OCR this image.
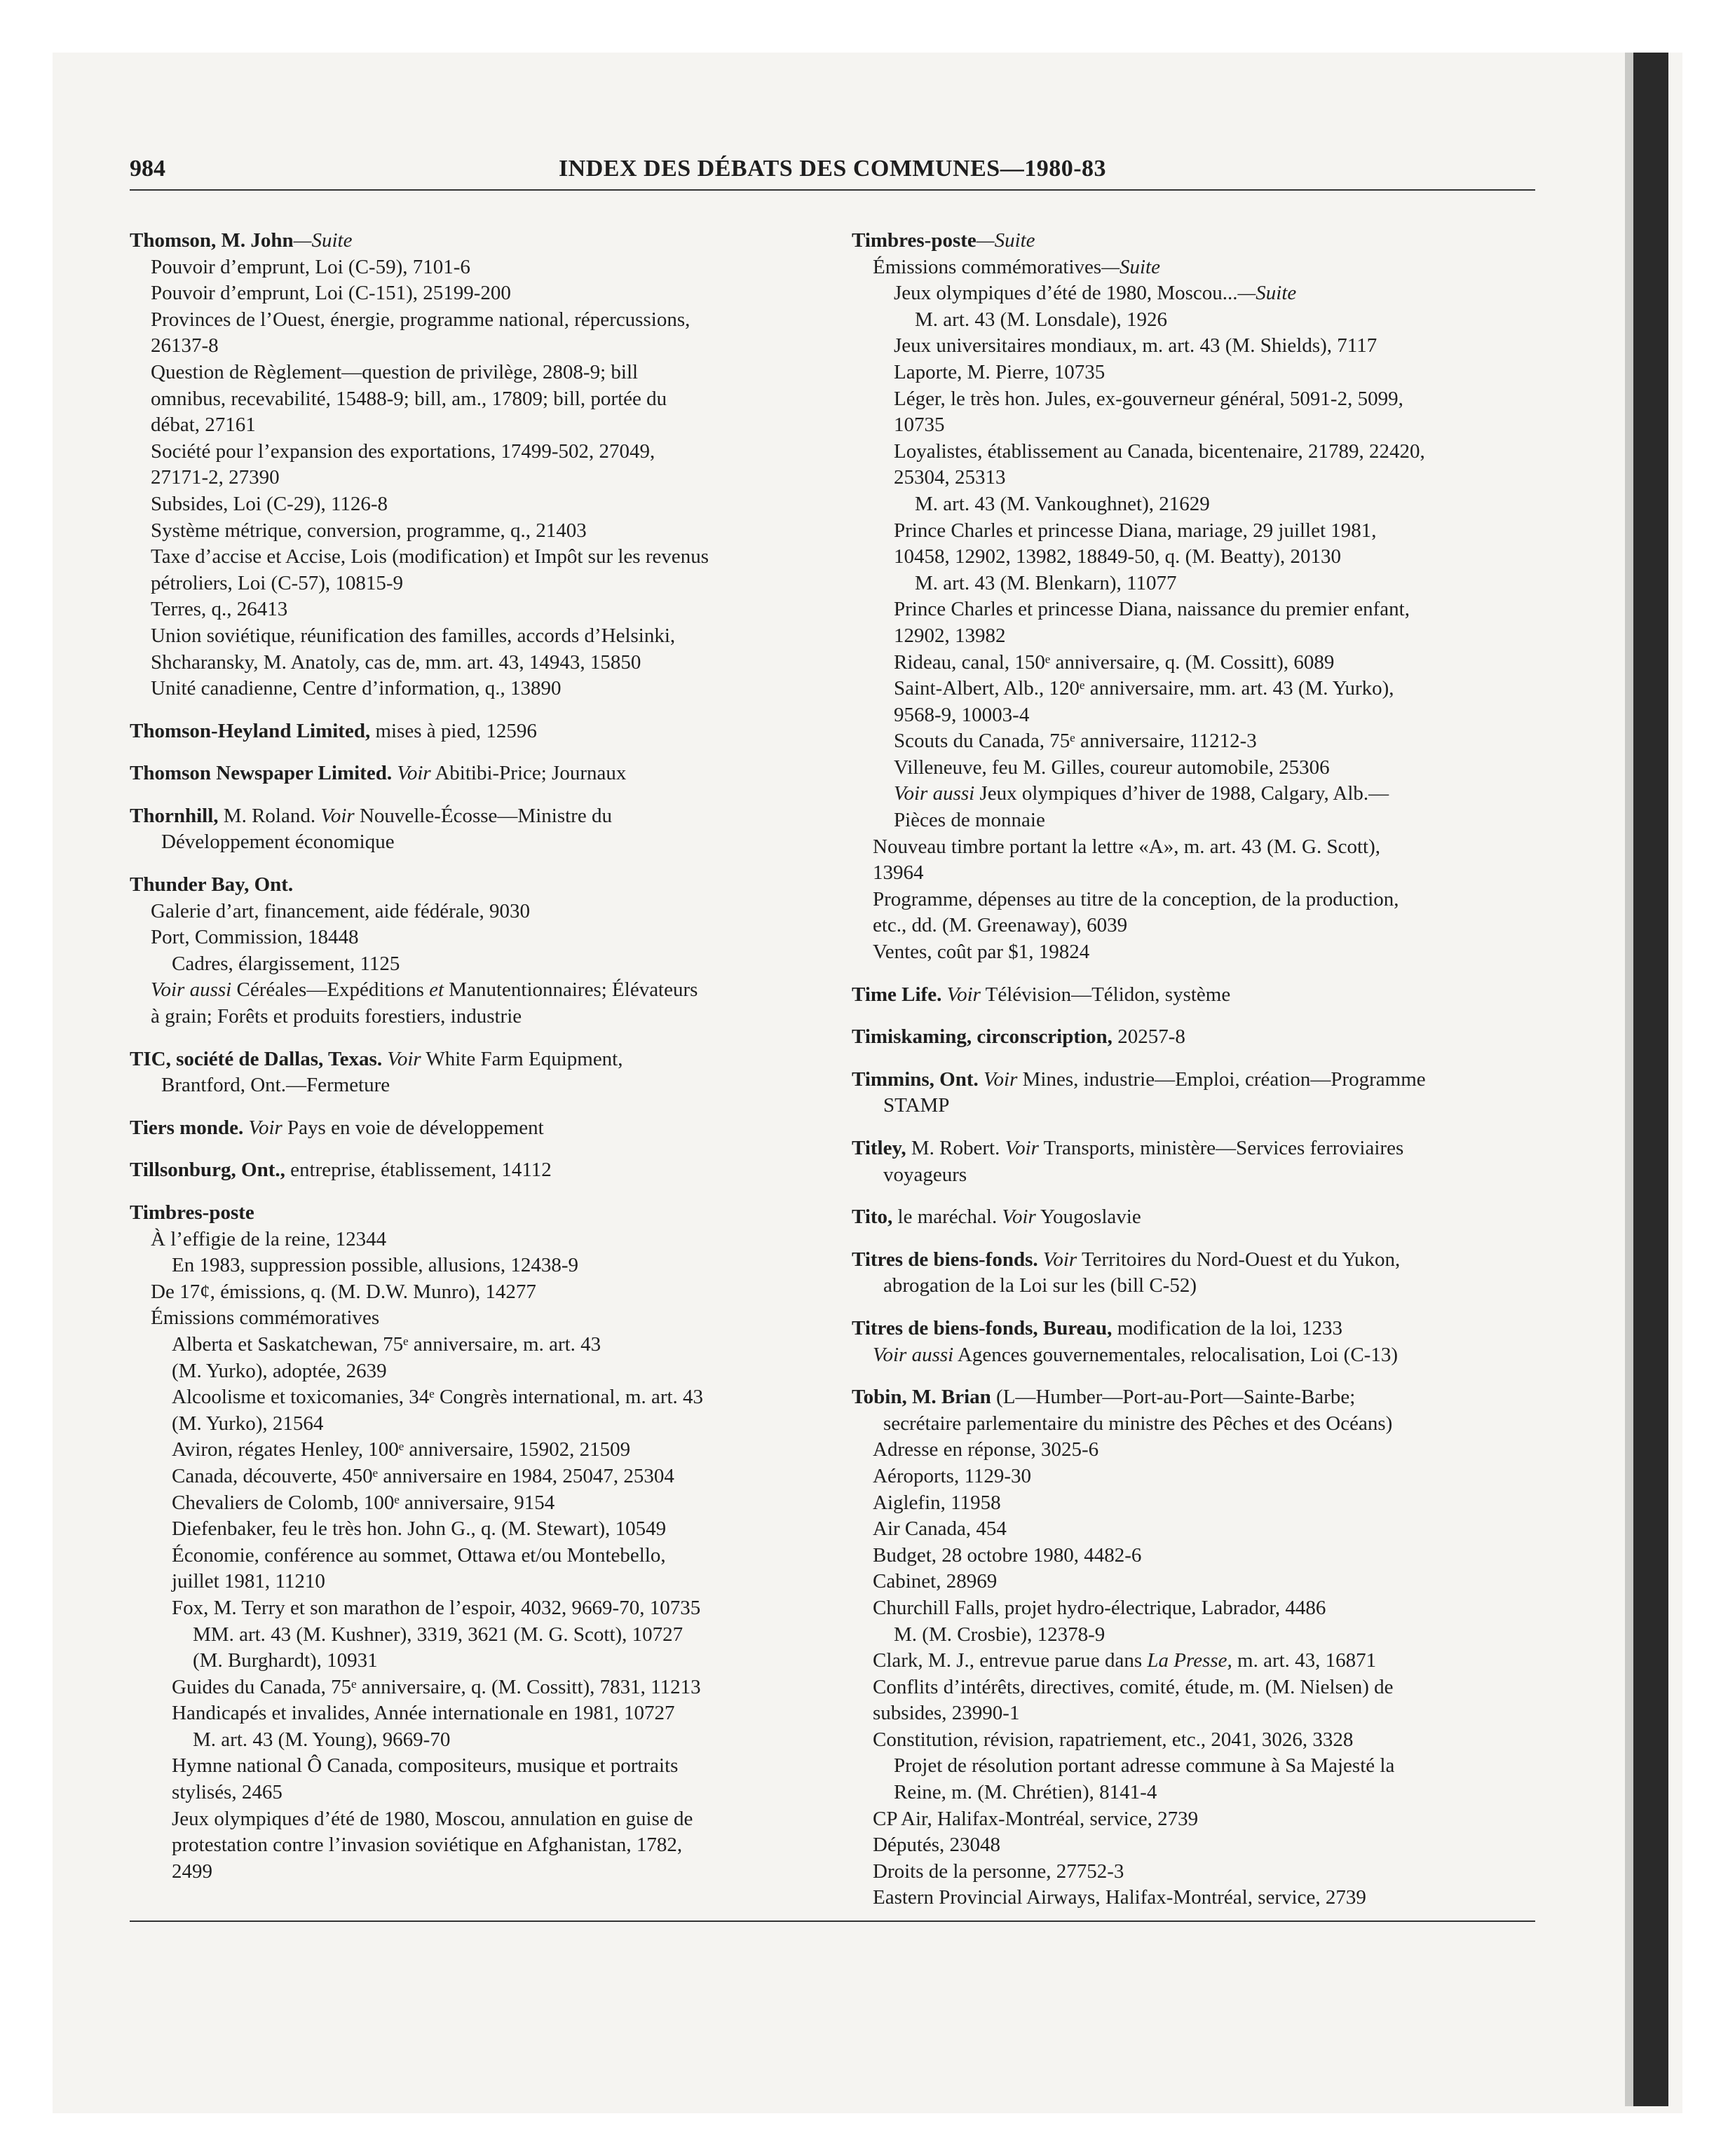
984	INDEX DES DÉBATS DES COMMUNES—1980-83
Thomson, M. John—Suite
Pouvoir d’emprunt, Loi (C-59), 7101-6
Pouvoir d’emprunt, Loi (C-151), 25199-200
Provinces de l’Ouest, énergie, programme national, répercussions,
26137-8
Question de Règlement—question de privilège, 2808-9; bill
omnibus, recevabilité, 15488-9; bill, am., 17809; bill, portée du
débat, 27161
Société pour l’expansion des exportations, 17499-502, 27049,
27171-2, 27390
Subsides, Loi (C-29), 1126-8
Système métrique, conversion, programme, q., 21403
Taxe d’accise et Accise, Lois (modification) et Impôt sur les revenus
pétroliers, Loi (C-57), 10815-9
Terres, q., 26413
Union soviétique, réunification des familles, accords d’Helsinki,
Shcharansky, M. Anatoly, cas de, mm. art. 43, 14943, 15850
Unité canadienne, Centre d’information, q., 13890
Thomson-Heyland Limited, mises à pied, 12596
Thomson Newspaper Limited. Voir Abitibi-Price; Journaux
Thornhill, M. Roland. Voir Nouvelle-Écosse—Ministre du
Développement économique
Thunder Bay, Ont.
Galerie d’art, financement, aide fédérale, 9030
Port, Commission, 18448
Cadres, élargissement, 1125
Voir aussi Céréales—Expéditions et Manutentionnaires; Élévateurs
à grain; Forêts et produits forestiers, industrie
TIC, société de Dallas, Texas. Voir White Farm Equipment,
Brantford, Ont.—Fermeture
Tiers monde. Voir Pays en voie de développement
Tillsonburg, Ont., entreprise, établissement, 14112
Timbres-poste
À l’effigie de la reine, 12344
En 1983, suppression possible, allusions, 12438-9
De 17¢, émissions, q. (M. D.W. Munro), 14277
Émissions commémoratives
Alberta et Saskatchewan, 75ᵉ anniversaire, m. art. 43
(M. Yurko), adoptée, 2639
Alcoolisme et toxicomanies, 34ᵉ Congrès international, m. art. 43
(M. Yurko), 21564
Aviron, régates Henley, 100ᵉ anniversaire, 15902, 21509
Canada, découverte, 450ᵉ anniversaire en 1984, 25047, 25304
Chevaliers de Colomb, 100ᵉ anniversaire, 9154
Diefenbaker, feu le très hon. John G., q. (M. Stewart), 10549
Économie, conférence au sommet, Ottawa et/ou Montebello,
juillet 1981, 11210
Fox, M. Terry et son marathon de l’espoir, 4032, 9669-70, 10735
MM. art. 43 (M. Kushner), 3319, 3621 (M. G. Scott), 10727
(M. Burghardt), 10931
Guides du Canada, 75ᵉ anniversaire, q. (M. Cossitt), 7831, 11213
Handicapés et invalides, Année internationale en 1981, 10727
M. art. 43 (M. Young), 9669-70
Hymne national Ô Canada, compositeurs, musique et portraits
stylisés, 2465
Jeux olympiques d’été de 1980, Moscou, annulation en guise de
protestation contre l’invasion soviétique en Afghanistan, 1782,
2499
Timbres-poste—Suite
Émissions commémoratives—Suite
Jeux olympiques d’été de 1980, Moscou...—Suite
M. art. 43 (M. Lonsdale), 1926
Jeux universitaires mondiaux, m. art. 43 (M. Shields), 7117
Laporte, M. Pierre, 10735
Léger, le très hon. Jules, ex-gouverneur général, 5091-2, 5099,
10735
Loyalistes, établissement au Canada, bicentenaire, 21789, 22420,
25304, 25313
M. art. 43 (M. Vankoughnet), 21629
Prince Charles et princesse Diana, mariage, 29 juillet 1981,
10458, 12902, 13982, 18849-50, q. (M. Beatty), 20130
M. art. 43 (M. Blenkarn), 11077
Prince Charles et princesse Diana, naissance du premier enfant,
12902, 13982
Rideau, canal, 150ᵉ anniversaire, q. (M. Cossitt), 6089
Saint-Albert, Alb., 120ᵉ anniversaire, mm. art. 43 (M. Yurko),
9568-9, 10003-4
Scouts du Canada, 75ᵉ anniversaire, 11212-3
Villeneuve, feu M. Gilles, coureur automobile, 25306
Voir aussi Jeux olympiques d’hiver de 1988, Calgary, Alb.—
Pièces de monnaie
Nouveau timbre portant la lettre «A», m. art. 43 (M. G. Scott),
13964
Programme, dépenses au titre de la conception, de la production,
etc., dd. (M. Greenaway), 6039
Ventes, coût par $1, 19824
Time Life. Voir Télévision—Télidon, système
Timiskaming, circonscription, 20257-8
Timmins, Ont. Voir Mines, industrie—Emploi, création—Programme
STAMP
Titley, M. Robert. Voir Transports, ministère—Services ferroviaires
voyageurs
Tito, le maréchal. Voir Yougoslavie
Titres de biens-fonds. Voir Territoires du Nord-Ouest et du Yukon,
abrogation de la Loi sur les (bill C-52)
Titres de biens-fonds, Bureau, modification de la loi, 1233
Voir aussi Agences gouvernementales, relocalisation, Loi (C-13)
Tobin, M. Brian (L—Humber—Port-au-Port—Sainte-Barbe;
secrétaire parlementaire du ministre des Pêches et des Océans)
Adresse en réponse, 3025-6
Aéroports, 1129-30
Aiglefin, 11958
Air Canada, 454
Budget, 28 octobre 1980, 4482-6
Cabinet, 28969
Churchill Falls, projet hydro-électrique, Labrador, 4486
M. (M. Crosbie), 12378-9
Clark, M. J., entrevue parue dans La Presse, m. art. 43, 16871
Conflits d’intérêts, directives, comité, étude, m. (M. Nielsen) de
subsides, 23990-1
Constitution, révision, rapatriement, etc., 2041, 3026, 3328
Projet de résolution portant adresse commune à Sa Majesté la
Reine, m. (M. Chrétien), 8141-4
CP Air, Halifax-Montréal, service, 2739
Députés, 23048
Droits de la personne, 27752-3
Eastern Provincial Airways, Halifax-Montréal, service, 2739
